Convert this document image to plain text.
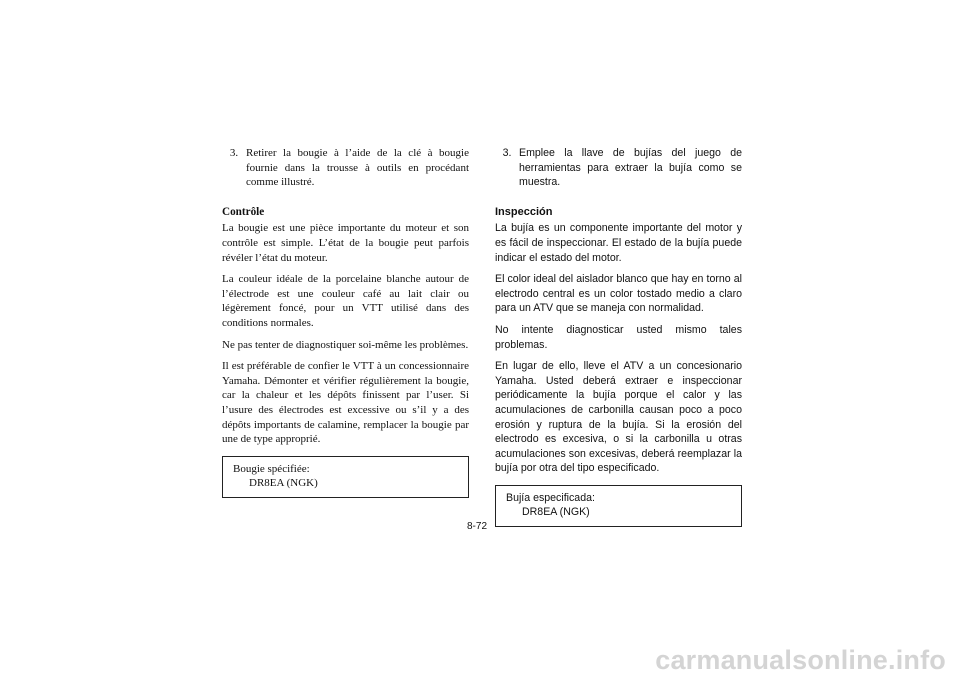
3. Retirer la bougie à l’aide de la clé à bougie fournie dans la trousse à outils en procédant comme illustré.

Contrôle

La bougie est une pièce importante du moteur et son contrôle est simple. L’état de la bougie peut parfois révéler l’état du moteur.

La couleur idéale de la porcelaine blanche autour de l’électrode est une couleur café au lait clair ou légèrement foncé, pour un VTT utilisé dans des conditions normales.

Ne pas tenter de diagnostiquer soi-même les problèmes.

Il est préférable de confier le VTT à un concessionnaire Yamaha. Démonter et vérifier régulièrement la bougie, car la chaleur et les dépôts finissent par l’user. Si l’usure des électrodes est excessive ou s’il y a des dépôts importants de calamine, remplacer la bougie par une de type approprié.

Bougie spécifiée:
DR8EA (NGK)
3. Emplee la llave de bujías del juego de herramientas para extraer la bujía como se muestra.

Inspección

La bujía es un componente importante del motor y es fácil de inspeccionar. El estado de la bujía puede indicar el estado del motor.

El color ideal del aislador blanco que hay en torno al electrodo central es un color tostado medio a claro para un ATV que se maneja con normalidad.

No intente diagnosticar usted mismo tales problemas.

En lugar de ello, lleve el ATV a un concesionario Yamaha. Usted deberá extraer e inspeccionar periódicamente la bujía porque el calor y las acumulaciones de carbonilla causan poco a poco erosión y ruptura de la bujía. Si la erosión del electrodo es excesiva, o si la carbonilla u otras acumulaciones son excesivas, deberá reemplazar la bujía por otra del tipo especificado.

Bujía especificada:
DR8EA (NGK)
8-72
carmanualsonline.info
